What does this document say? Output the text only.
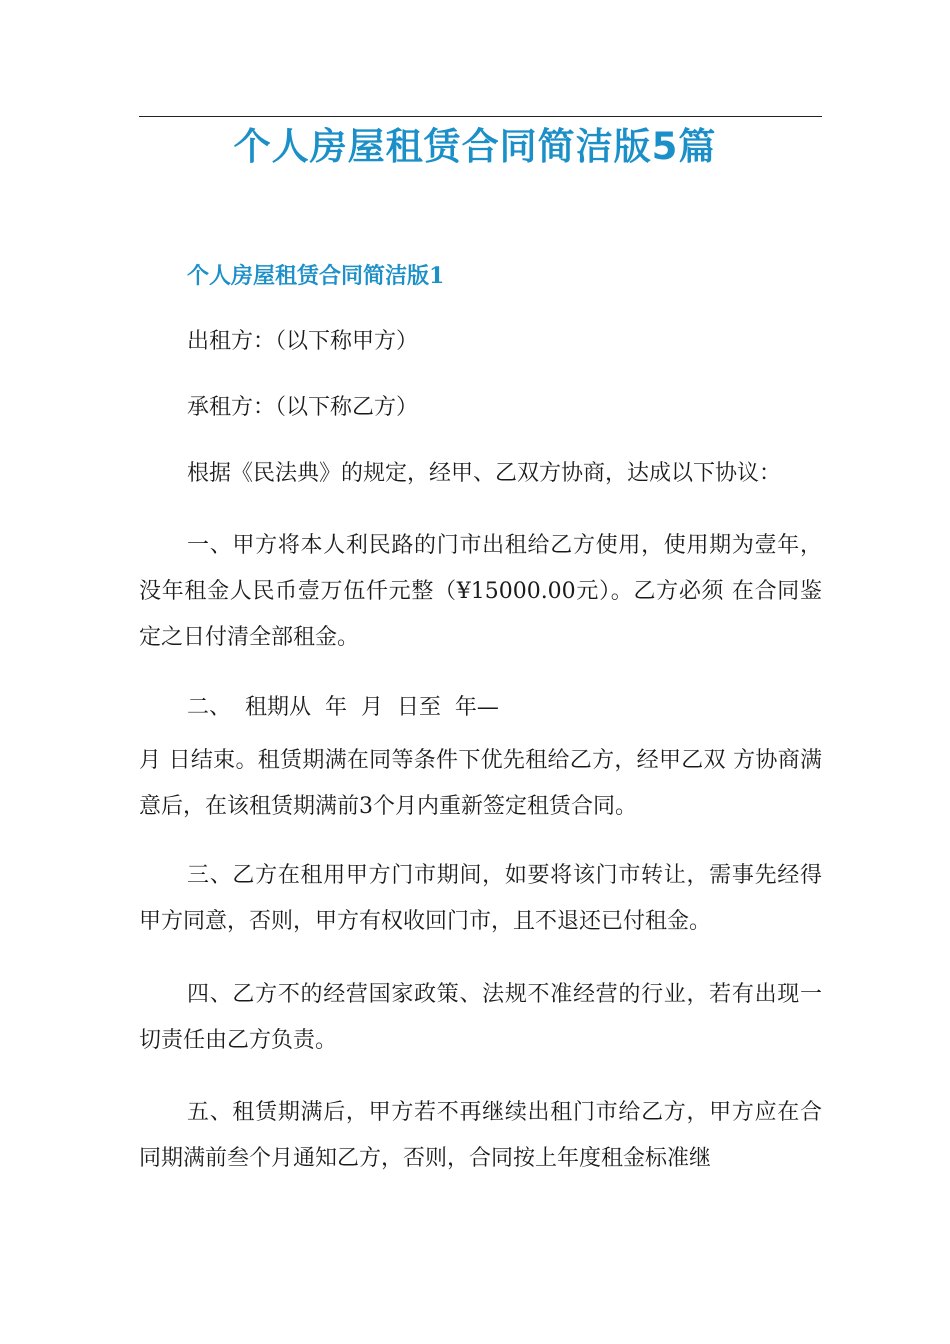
个人房屋租赁合同简洁版5篇
个人房屋租赁合同简洁版1

出租方：（以下称甲方）

承租方：（以下称乙方）

根据《民法典》的规定，经甲、乙双方协商，达成以下协议：

一、甲方将本人利民路的门市出租给乙方使用，使用期为壹年，没年租金人民币壹万伍仟元整（¥15000.00元）。乙方必须 在合同鉴定之日付清全部租金。

二、  租期从  年  月  日至  年—

月 日结束。租赁期满在同等条件下优先租给乙方，经甲乙双 方协商满意后，在该租赁期满前3个月内重新签定租赁合同。

三、乙方在租用甲方门市期间，如要将该门市转让，需事先经得甲方同意，否则，甲方有权收回门市，且不退还已付租金。

四、乙方不的经营国家政策、法规不准经营的行业，若有出现一切责任由乙方负责。

五、租赁期满后，甲方若不再继续出租门市给乙方，甲方应在合同期满前叁个月通知乙方，否则，合同按上年度租金标准继
